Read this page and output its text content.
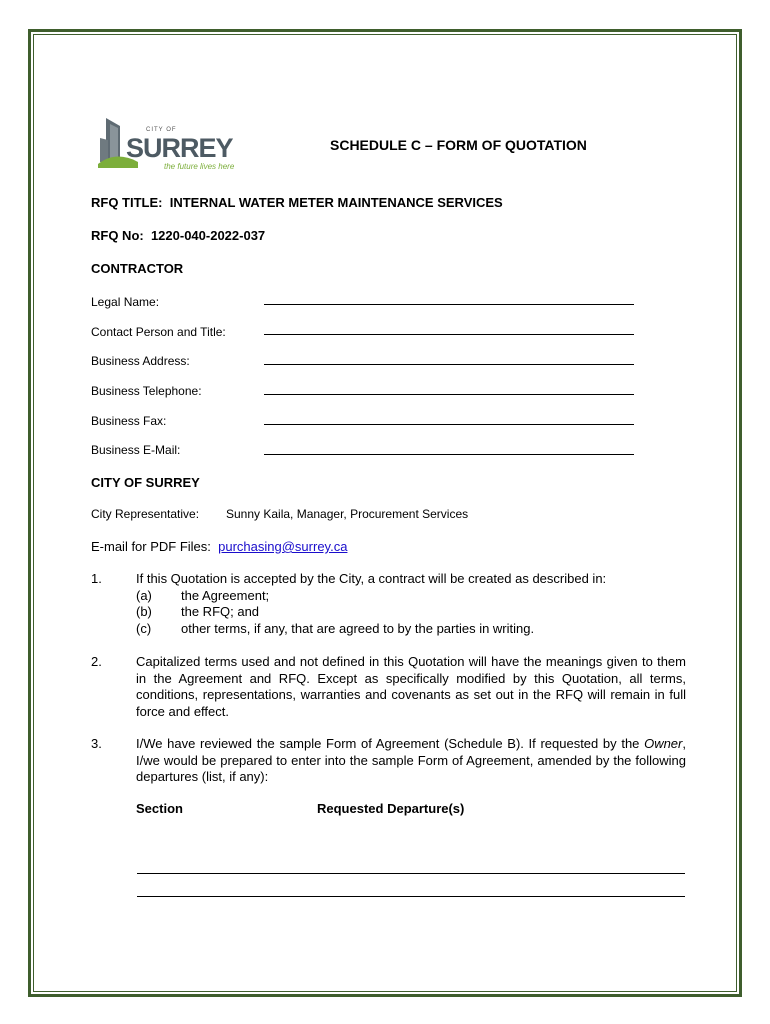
CITY OF
SURREY
the future lives here
SCHEDULE C – FORM OF QUOTATION
RFQ TITLE: INTERNAL WATER METER MAINTENANCE SERVICES
RFQ No: 1220-040-2022-037
CONTRACTOR
Legal Name:
Contact Person and Title:
Business Address:
Business Telephone:
Business Fax:
Business E-Mail:
CITY OF SURREY
City Representative: Sunny Kaila, Manager, Procurement Services
E-mail for PDF Files: purchasing@surrey.ca
1.	If this Quotation is accepted by the City, a contract will be created as described in:
(a) the Agreement;
(b) the RFQ; and
(c) other terms, if any, that are agreed to by the parties in writing.
2.	Capitalized terms used and not defined in this Quotation will have the meanings given to them in the Agreement and RFQ. Except as specifically modified by this Quotation, all terms, conditions, representations, warranties and covenants as set out in the RFQ will remain in full force and effect.
3.	I/We have reviewed the sample Form of Agreement (Schedule B). If requested by the Owner, I/we would be prepared to enter into the sample Form of Agreement, amended by the following departures (list, if any):
Section	Requested Departure(s)
